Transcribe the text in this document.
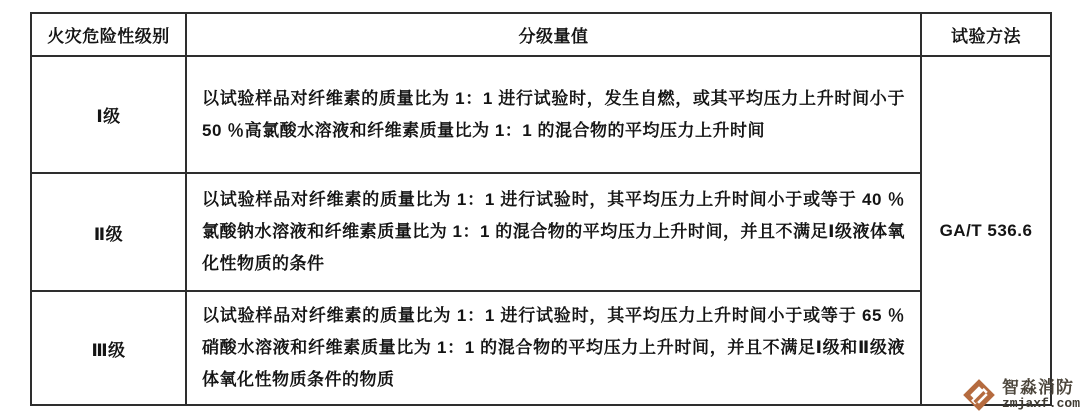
火灾危险性级别	分级量值	试验方法
Ⅰ级	以试验样品对纤维素的质量比为 1：1 进行试验时，发生自燃，或其平均压力上升时间小于 50 ％高氯酸水溶液和纤维素质量比为 1：1 的混合物的平均压力上升时间	GA/T 536.6
Ⅱ级	以试验样品对纤维素的质量比为 1：1 进行试验时，其平均压力上升时间小于或等于 40 ％氯酸钠水溶液和纤维素质量比为 1：1 的混合物的平均压力上升时间，并且不满足Ⅰ级液体氧化性物质的条件	
Ⅲ级	以试验样品对纤维素的质量比为 1：1 进行试验时，其平均压力上升时间小于或等于 65 ％硝酸水溶液和纤维素质量比为 1：1 的混合物的平均压力上升时间，并且不满足Ⅰ级和Ⅱ级液体氧化性物质条件的物质		智淼消防
zmjaxf.com
